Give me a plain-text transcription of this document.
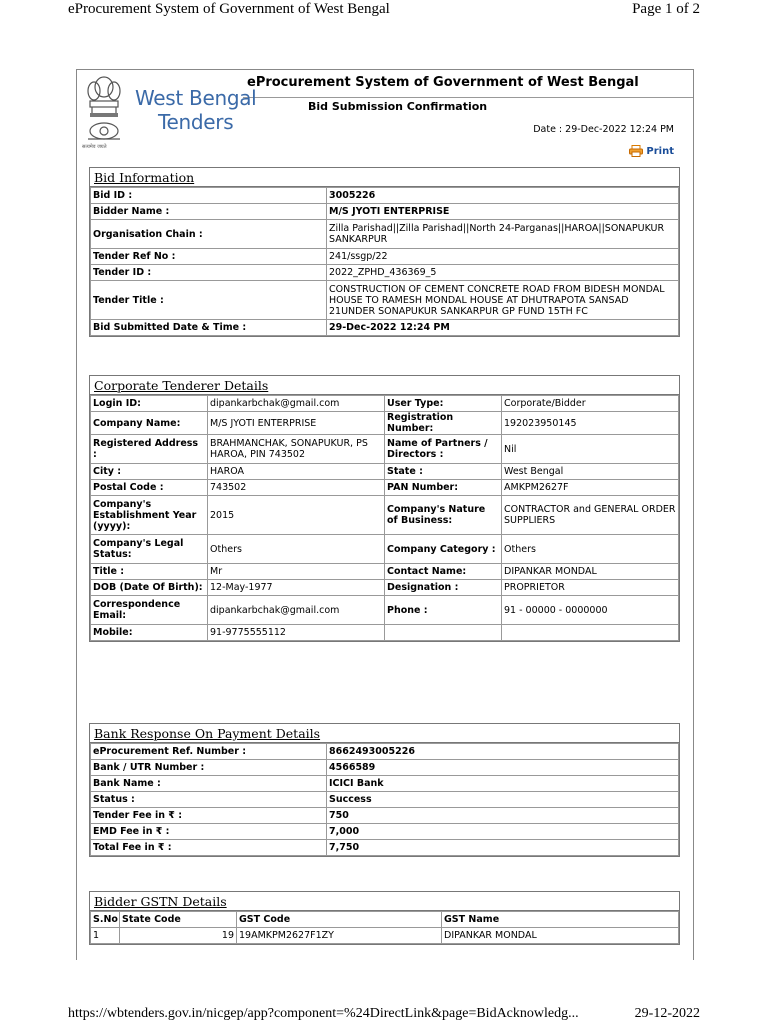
eProcurement System of Government of West Bengal	Page 1 of 2
https://wbtenders.gov.in/nicgep/app?component=%24DirectLink&page=BidAcknowledg...	29-12-2022
सत्यमेव जयते
West Bengal
Tenders
eProcurement System of Government of West Bengal
Bid Submission Confirmation
Date : 29-Dec-2022 12:24 PM
Print
Bid Information
Bid ID :	3005226
Bidder Name :	M/S JYOTI ENTERPRISE
Organisation Chain :	Zilla Parishad||Zilla Parishad||North 24-Parganas||HAROA||SONAPUKUR SANKARPUR
Tender Ref No :	241/ssgp/22
Tender ID :	2022_ZPHD_436369_5
Tender Title :	CONSTRUCTION OF CEMENT CONCRETE ROAD FROM BIDESH MONDAL HOUSE TO RAMESH MONDAL HOUSE AT DHUTRAPOTA SANSAD 21UNDER SONAPUKUR SANKARPUR GP FUND 15TH FC
Bid Submitted Date & Time :	29-Dec-2022 12:24 PM
Corporate Tenderer Details
Login ID:	dipankarbchak@gmail.com	User Type:	Corporate/Bidder
Company Name:	M/S JYOTI ENTERPRISE	Registration Number:	192023950145
Registered Address :	BRAHMANCHAK, SONAPUKUR, PS HAROA, PIN 743502	Name of Partners / Directors :	Nil
City :	HAROA	State :	West Bengal
Postal Code :	743502	PAN Number:	AMKPM2627F
Company's Establishment Year (yyyy):	2015	Company's Nature of Business:	CONTRACTOR and GENERAL ORDER SUPPLIERS
Company's Legal Status:	Others	Company Category :	Others
Title :	Mr	Contact Name:	DIPANKAR MONDAL
DOB (Date Of Birth):	12-May-1977	Designation :	PROPRIETOR
Correspondence Email:	dipankarbchak@gmail.com	Phone :	91 - 00000 - 0000000
Mobile:	91-9775555112		
Bank Response On Payment Details
eProcurement Ref. Number :	8662493005226
Bank / UTR Number :	4566589
Bank Name :	ICICI Bank
Status :	Success
Tender Fee in ₹ :	750
EMD Fee in ₹ :	7,000
Total Fee in ₹ :	7,750
Bidder GSTN Details
S.No	State Code	GST Code	GST Name
1	19	19AMKPM2627F1ZY	DIPANKAR MONDAL
